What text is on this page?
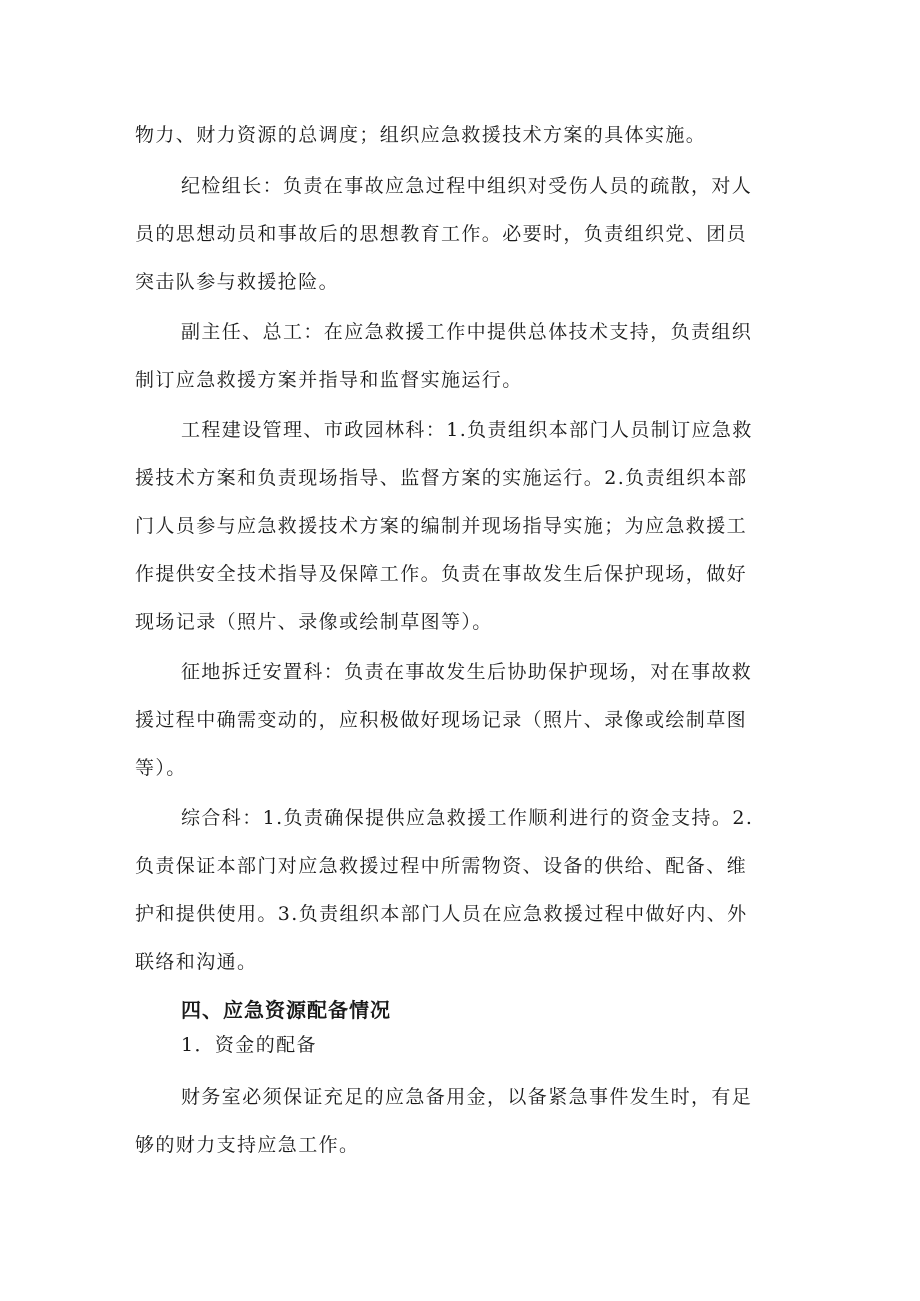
物力、财力资源的总调度；组织应急救援技术方案的具体实施。
纪检组长：负责在事故应急过程中组织对受伤人员的疏散，对人
员的思想动员和事故后的思想教育工作。必要时，负责组织党、团员
突击队参与救援抢险。
副主任、总工：在应急救援工作中提供总体技术支持，负责组织
制订应急救援方案并指导和监督实施运行。
工程建设管理、市政园林科：1.负责组织本部门人员制订应急救
援技术方案和负责现场指导、监督方案的实施运行。2.负责组织本部
门人员参与应急救援技术方案的编制并现场指导实施；为应急救援工
作提供安全技术指导及保障工作。负责在事故发生后保护现场，做好
现场记录（照片、录像或绘制草图等）。
征地拆迁安置科：负责在事故发生后协助保护现场，对在事故救
援过程中确需变动的，应积极做好现场记录（照片、录像或绘制草图
等）。
综合科：1.负责确保提供应急救援工作顺利进行的资金支持。2.
负责保证本部门对应急救援过程中所需物资、设备的供给、配备、维
护和提供使用。3.负责组织本部门人员在应急救援过程中做好内、外
联络和沟通。
四、应急资源配备情况
1．资金的配备
财务室必须保证充足的应急备用金，以备紧急事件发生时，有足
够的财力支持应急工作。
